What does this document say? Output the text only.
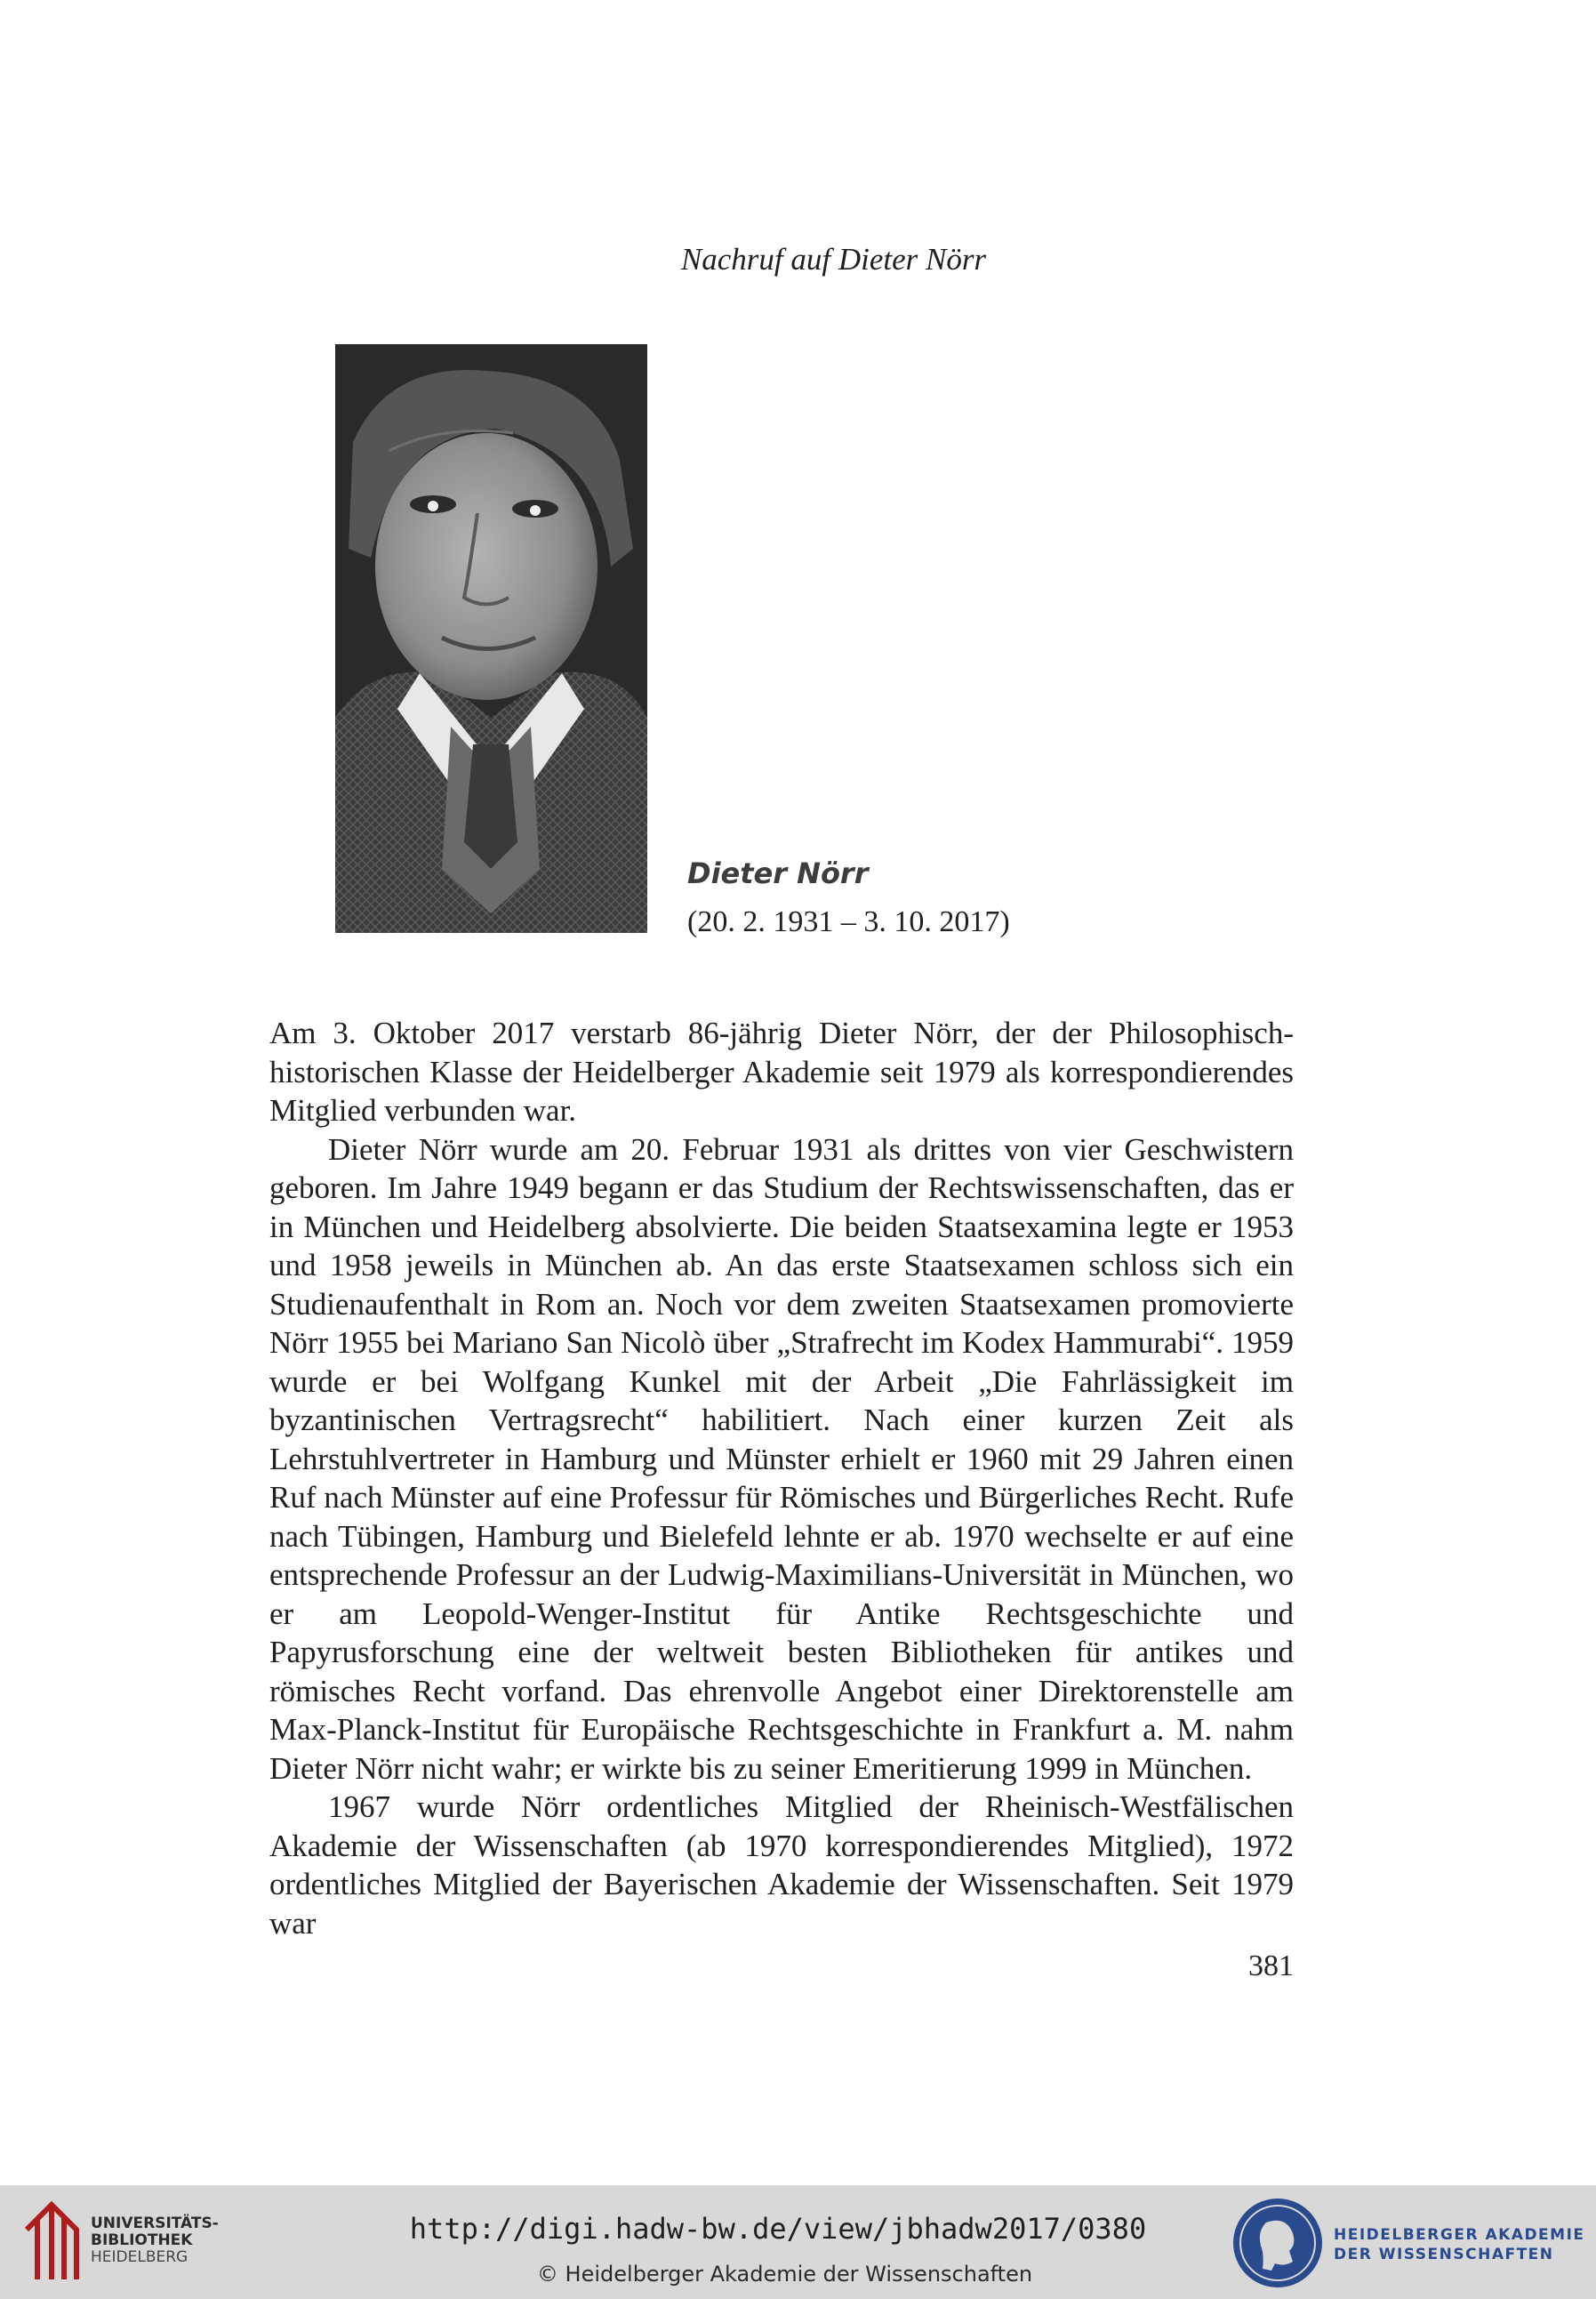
Nachruf auf Dieter Nörr
Dieter Nörr
(20. 2. 1931 – 3. 10. 2017)

Am 3. Oktober 2017 verstarb 86-jährig Dieter Nörr, der der Philosophisch-historischen Klasse der Heidelberger Akademie seit 1979 als korrespondierendes Mitglied verbunden war.

Dieter Nörr wurde am 20. Februar 1931 als drittes von vier Geschwistern geboren. Im Jahre 1949 begann er das Studium der Rechtswissenschaften, das er in München und Heidelberg absolvierte. Die beiden Staatsexamina legte er 1953 und 1958 jeweils in München ab. An das erste Staatsexamen schloss sich ein Studienaufenthalt in Rom an. Noch vor dem zweiten Staatsexamen promovierte Nörr 1955 bei Mariano San Nicolò über „Strafrecht im Kodex Hammurabi“. 1959 wurde er bei Wolfgang Kunkel mit der Arbeit „Die Fahrlässigkeit im byzantinischen Vertragsrecht“ habilitiert. Nach einer kurzen Zeit als Lehrstuhlvertreter in Hamburg und Münster erhielt er 1960 mit 29 Jahren einen Ruf nach Münster auf eine Professur für Römisches und Bürgerliches Recht. Rufe nach Tübingen, Hamburg und Bielefeld lehnte er ab. 1970 wechselte er auf eine entsprechende Professur an der Ludwig-Maximilians-Universität in München, wo er am Leopold-Wenger-Institut für Antike Rechtsgeschichte und Papyrusforschung eine der weltweit besten Bibliotheken für antikes und römisches Recht vorfand. Das ehrenvolle Angebot einer Direktorenstelle am Max-Planck-Institut für Europäische Rechtsgeschichte in Frankfurt a. M. nahm Dieter Nörr nicht wahr; er wirkte bis zu seiner Emeritierung 1999 in München.

1967 wurde Nörr ordentliches Mitglied der Rheinisch-Westfälischen Akademie der Wissenschaften (ab 1970 korrespondierendes Mitglied), 1972 ordentliches Mitglied der Bayerischen Akademie der Wissenschaften. Seit 1979 war

381
UNIVERSITÄTS-
BIBLIOTHEK
HEIDELBERG
http://digi.hadw-bw.de/view/jbhadw2017/0380
© Heidelberger Akademie der Wissenschaften
HEIDELBERGER AKADEMIE
DER WISSENSCHAFTEN
